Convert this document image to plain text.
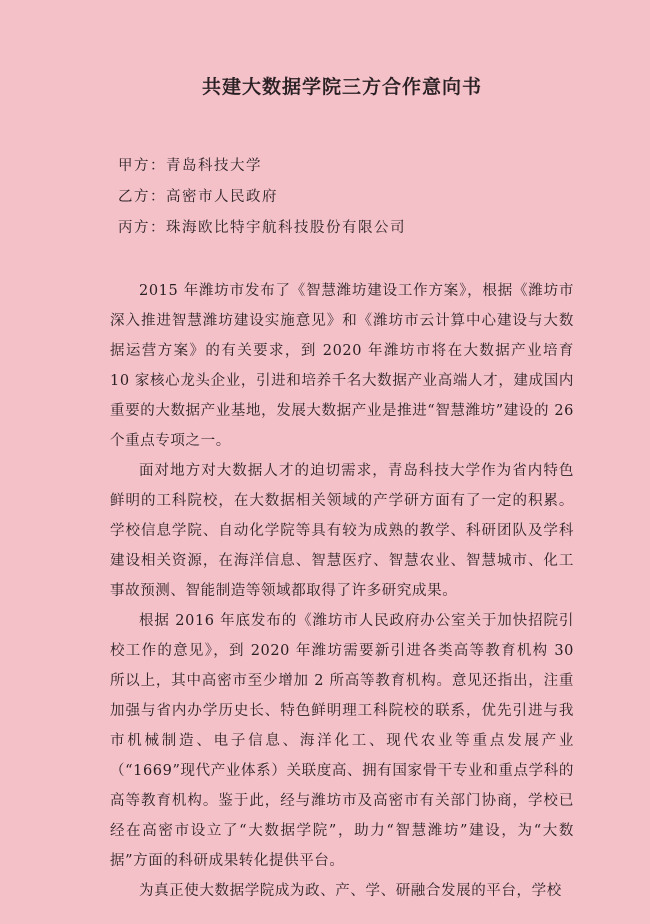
共建大数据学院三方合作意向书
甲方：青岛科技大学
乙方：高密市人民政府
丙方：珠海欧比特宇航科技股份有限公司

2015 年潍坊市发布了《智慧潍坊建设工作方案》，根据《潍坊市深入推进智慧潍坊建设实施意见》和《潍坊市云计算中心建设与大数据运营方案》的有关要求，到 2020 年潍坊市将在大数据产业培育 10 家核心龙头企业，引进和培养千名大数据产业高端人才，建成国内重要的大数据产业基地，发展大数据产业是推进“智慧潍坊”建设的 26 个重点专项之一。

面对地方对大数据人才的迫切需求，青岛科技大学作为省内特色鲜明的工科院校，在大数据相关领域的产学研方面有了一定的积累。学校信息学院、自动化学院等具有较为成熟的教学、科研团队及学科建设相关资源，在海洋信息、智慧医疗、智慧农业、智慧城市、化工事故预测、智能制造等领域都取得了许多研究成果。

根据 2016 年底发布的《潍坊市人民政府办公室关于加快招院引校工作的意见》，到 2020 年潍坊需要新引进各类高等教育机构 30 所以上，其中高密市至少增加 2 所高等教育机构。意见还指出，注重加强与省内办学历史长、特色鲜明理工科院校的联系，优先引进与我市机械制造、电子信息、海洋化工、现代农业等重点发展产业（“1669”现代产业体系）关联度高、拥有国家骨干专业和重点学科的高等教育机构。鉴于此，经与潍坊市及高密市有关部门协商，学校已经在高密市设立了“大数据学院”，助力“智慧潍坊”建设，为“大数据”方面的科研成果转化提供平台。

为真正使大数据学院成为政、产、学、研融合发展的平台，学校
